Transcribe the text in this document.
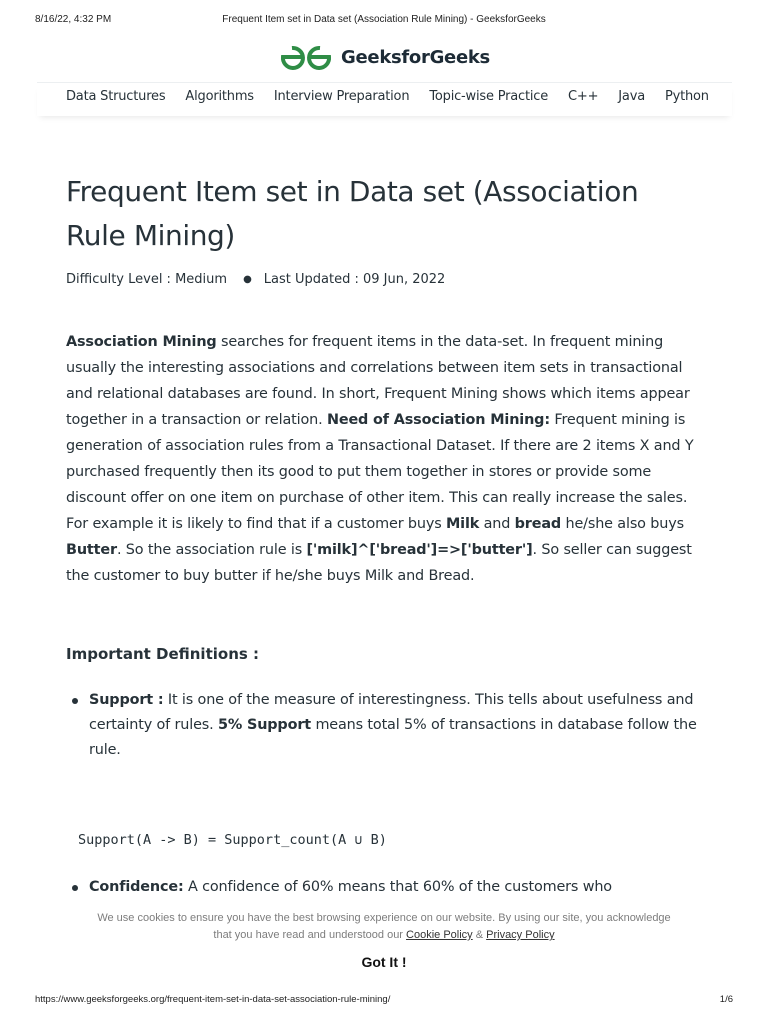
8/16/22, 4:32 PM	Frequent Item set in Data set (Association Rule Mining) - GeeksforGeeks
GeeksforGeeks
Data Structures Algorithms Interview Preparation Topic-wise Practice C++ Java Python
Frequent Item set in Data set (Association Rule Mining)
Difficulty Level : Medium ● Last Updated : 09 Jun, 2022

Association Mining searches for frequent items in the data-set. In frequent mining usually the interesting associations and correlations between item sets in transactional and relational databases are found. In short, Frequent Mining shows which items appear together in a transaction or relation. Need of Association Mining: Frequent mining is generation of association rules from a Transactional Dataset. If there are 2 items X and Y purchased frequently then its good to put them together in stores or provide some discount offer on one item on purchase of other item. This can really increase the sales. For example it is likely to find that if a customer buys Milk and bread he/she also buys Butter. So the association rule is ['milk]^['bread']=>['butter']. So seller can suggest the customer to buy butter if he/she buys Milk and Bread.

Important Definitions :
Support : It is one of the measure of interestingness. This tells about usefulness and certainty of rules. 5% Support means total 5% of transactions in database follow the rule.
Support(A -> B) = Support_count(A ∪ B)
Confidence: A confidence of 60% means that 60% of the customers who
We use cookies to ensure you have the best browsing experience on our website. By using our site, you acknowledge
that you have read and understood our Cookie Policy & Privacy Policy
Got It !
https://www.geeksforgeeks.org/frequent-item-set-in-data-set-association-rule-mining/	1/6
